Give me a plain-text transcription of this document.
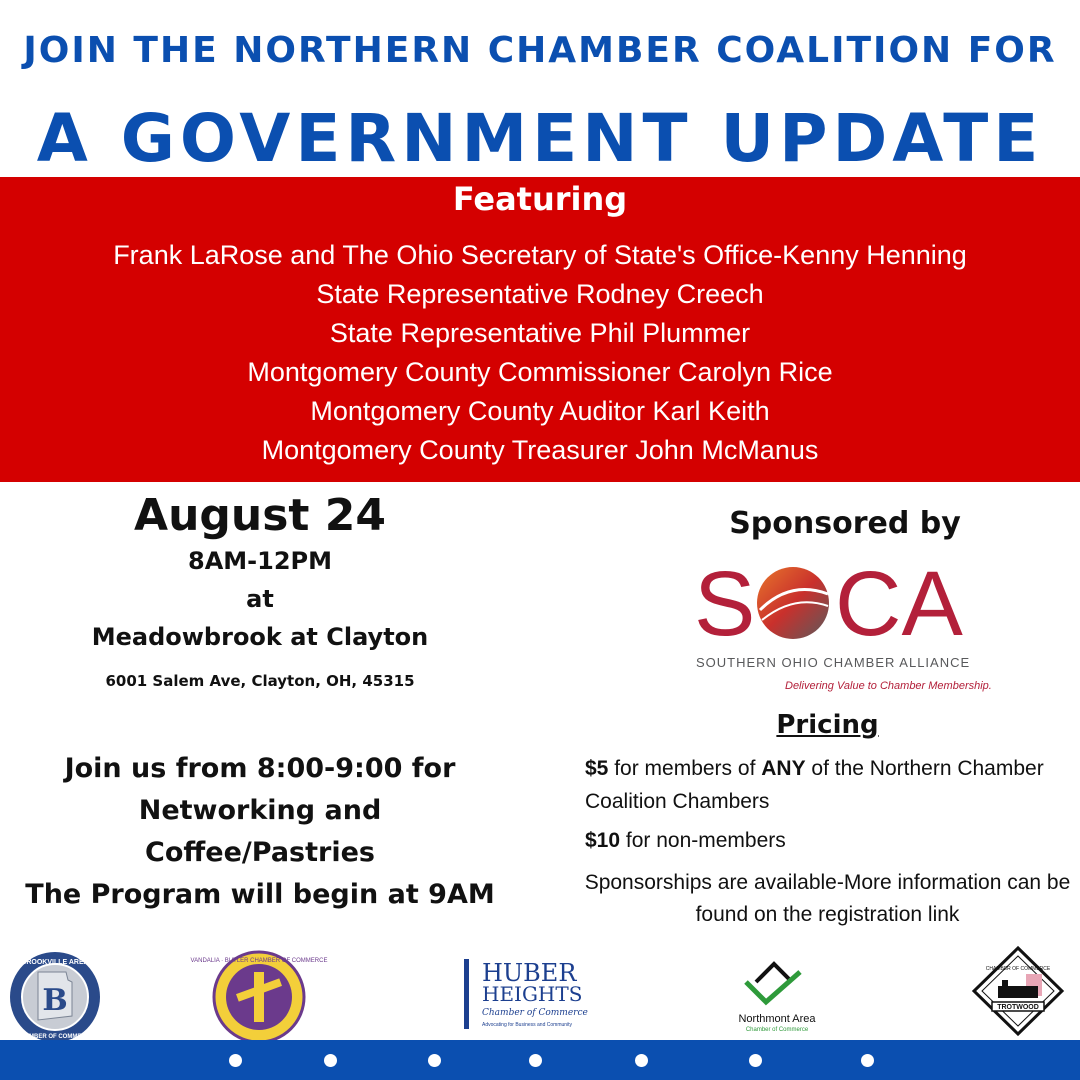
JOIN THE NORTHERN CHAMBER COALITION FOR
A GOVERNMENT UPDATE
Featuring
Frank LaRose and The Ohio Secretary of State's Office-Kenny Henning
State Representative Rodney Creech
State Representative Phil Plummer
Montgomery County Commissioner Carolyn Rice
Montgomery County Auditor Karl Keith
Montgomery County Treasurer John McManus
August 24
8AM-12PM
at
Meadowbrook at Clayton
6001 Salem Ave, Clayton, OH, 45315
Join us from 8:00-9:00 for
Networking and
Coffee/Pastries
The Program will begin at 9AM
Sponsored by
S CA
SOUTHERN OHIO CHAMBER ALLIANCE
Delivering Value to Chamber Membership.
Pricing
$5 for members of ANY of the Northern Chamber Coalition Chambers
$10 for non-members
Sponsorships are available-More information can be found on the registration link
B
BROOKVILLE AREA
CHAMBER OF COMMERCE
VANDALIA · BUTLER CHAMBER OF COMMERCE	HUBER
HEIGHTS
Chamber of Commerce
Advocating for Business and Community	Northmont Area
Chamber of Commerce
TROTWOOD
CHAMBER OF COMMERCE
